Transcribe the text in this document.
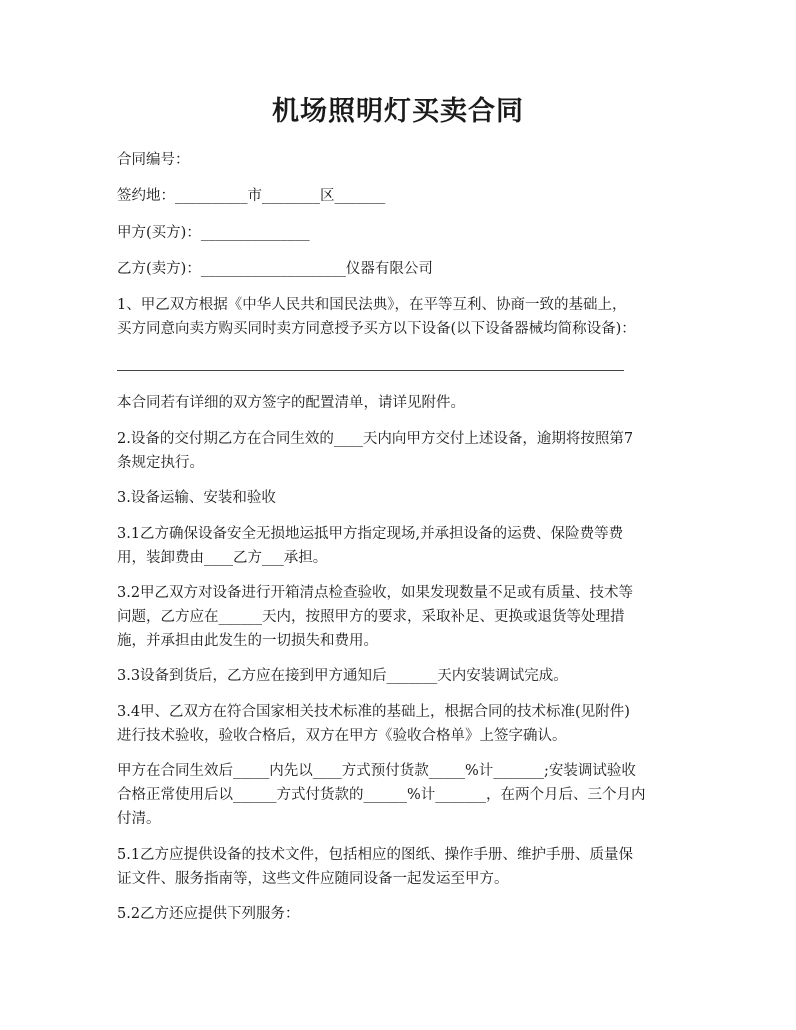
机场照明灯买卖合同

合同编号：

签约地：__________市________区_______

甲方(买方)：_______________

乙方(卖方)：____________________仪器有限公司

1、甲乙双方根据《中华人民共和国民法典》，在平等互利、协商一致的基础上，

买方同意向卖方购买同时卖方同意授予买方以下设备(以下设备器械均简称设备)：

本合同若有详细的双方签字的配置清单，请详见附件。

2.设备的交付期乙方在合同生效的____天内向甲方交付上述设备，逾期将按照第7

条规定执行。

3.设备运输、安装和验收

3.1乙方确保设备安全无损地运抵甲方指定现场,并承担设备的运费、保险费等费

用，装卸费由____乙方___承担。

3.2甲乙双方对设备进行开箱清点检查验收，如果发现数量不足或有质量、技术等

问题，乙方应在______天内，按照甲方的要求，采取补足、更换或退货等处理措

施，并承担由此发生的一切损失和费用。

3.3设备到货后，乙方应在接到甲方通知后_______天内安装调试完成。

3.4甲、乙双方在符合国家相关技术标准的基础上，根据合同的技术标准(见附件)

进行技术验收，验收合格后，双方在甲方《验收合格单》上签字确认。

甲方在合同生效后_____内先以____方式预付货款_____%计_______;安装调试验收

合格正常使用后以______方式付货款的______%计_______，在两个月后、三个月内

付清。

5.1乙方应提供设备的技术文件，包括相应的图纸、操作手册、维护手册、质量保

证文件、服务指南等，这些文件应随同设备一起发运至甲方。

5.2乙方还应提供下列服务：
